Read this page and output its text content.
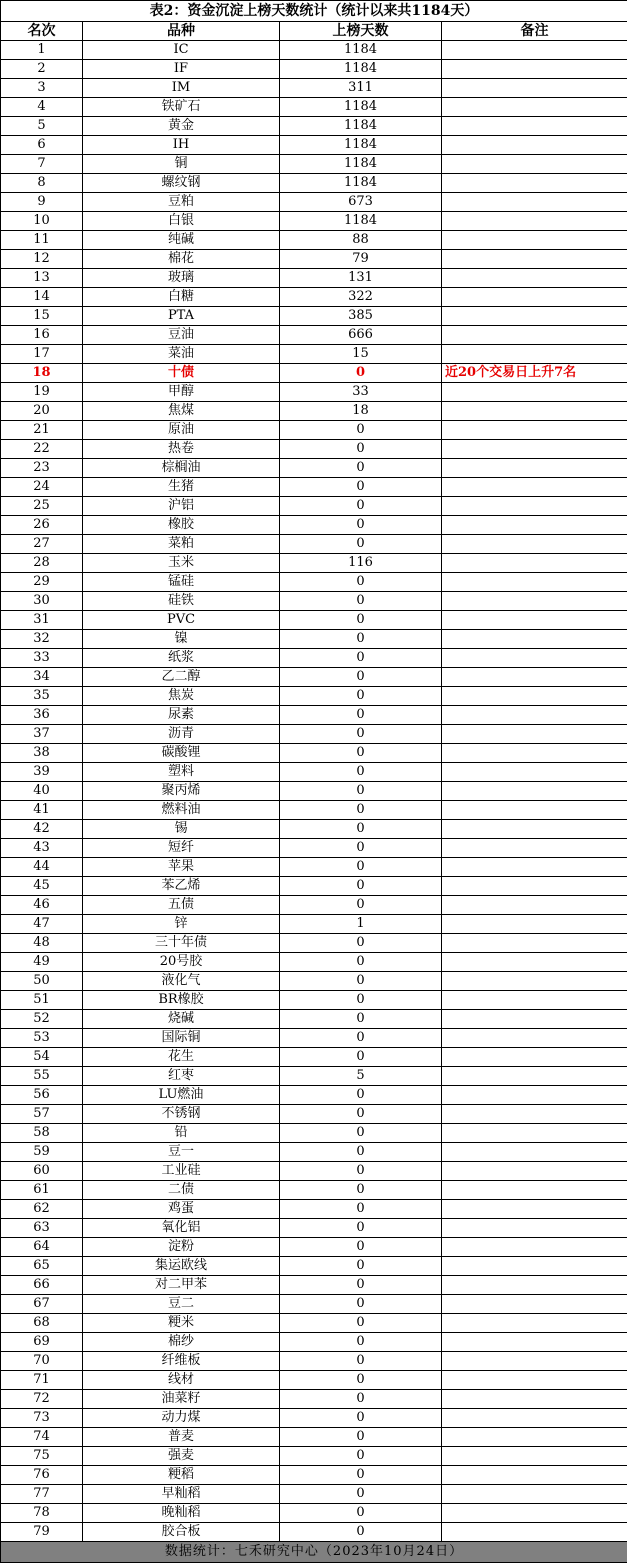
表2：资金沉淀上榜天数统计（统计以来共1184天）			
名次	品种	上榜天数	备注
1	IC	1184	
2	IF	1184	
3	IM	311	
4	铁矿石	1184	
5	黄金	1184	
6	IH	1184	
7	铜	1184	
8	螺纹钢	1184	
9	豆粕	673	
10	白银	1184	
11	纯碱	88	
12	棉花	79	
13	玻璃	131	
14	白糖	322	
15	PTA	385	
16	豆油	666	
17	菜油	15	
18	十债	0	近20个交易日上升7名
19	甲醇	33	
20	焦煤	18	
21	原油	0	
22	热卷	0	
23	棕榈油	0	
24	生猪	0	
25	沪铝	0	
26	橡胶	0	
27	菜粕	0	
28	玉米	116	
29	锰硅	0	
30	硅铁	0	
31	PVC	0	
32	镍	0	
33	纸浆	0	
34	乙二醇	0	
35	焦炭	0	
36	尿素	0	
37	沥青	0	
38	碳酸锂	0	
39	塑料	0	
40	聚丙烯	0	
41	燃料油	0	
42	锡	0	
43	短纤	0	
44	苹果	0	
45	苯乙烯	0	
46	五债	0	
47	锌	1	
48	三十年债	0	
49	20号胶	0	
50	液化气	0	
51	BR橡胶	0	
52	烧碱	0	
53	国际铜	0	
54	花生	0	
55	红枣	5	
56	LU燃油	0	
57	不锈钢	0	
58	铅	0	
59	豆一	0	
60	工业硅	0	
61	二债	0	
62	鸡蛋	0	
63	氧化铝	0	
64	淀粉	0	
65	集运欧线	0	
66	对二甲苯	0	
67	豆二	0	
68	粳米	0	
69	棉纱	0	
70	纤维板	0	
71	线材	0	
72	油菜籽	0	
73	动力煤	0	
74	普麦	0	
75	强麦	0	
76	粳稻	0	
77	早籼稻	0	
78	晚籼稻	0	
79	胶合板	0	
数据统计：七禾研究中心（2023年10月24日）			
